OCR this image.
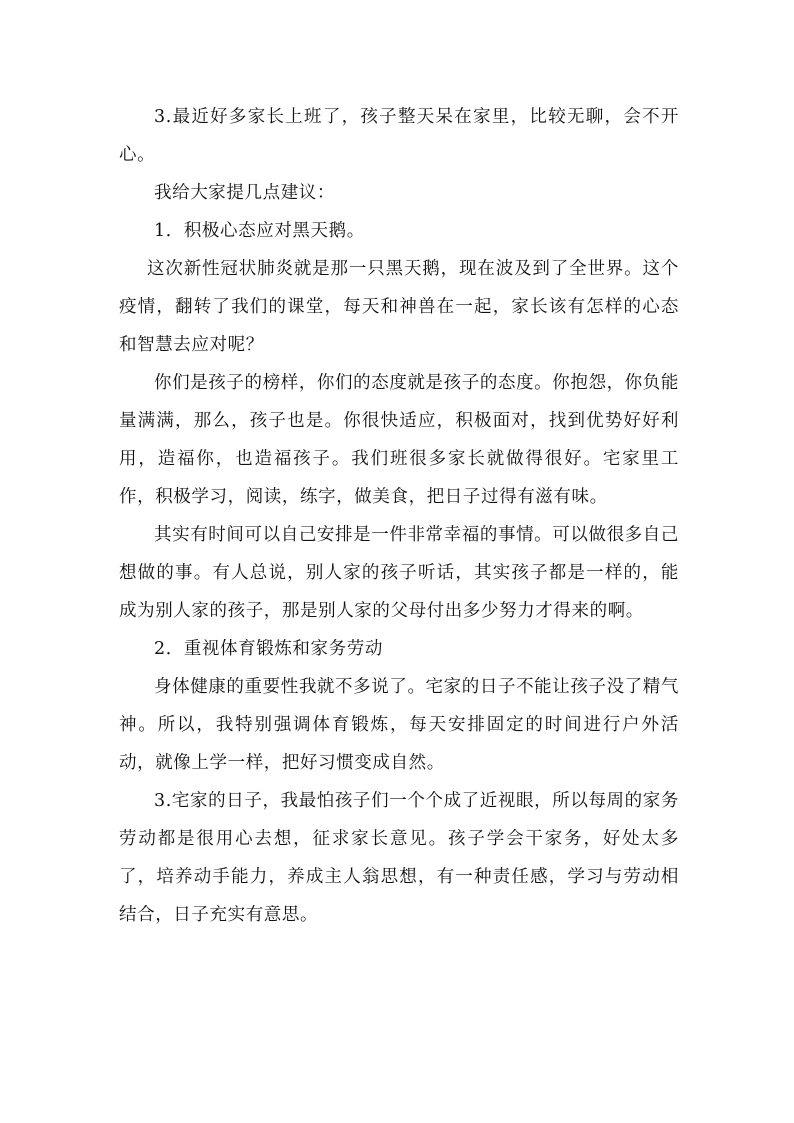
3.最近好多家长上班了，孩子整天呆在家里，比较无聊，会不开心。

我给大家提几点建议：

1．积极心态应对黑天鹅。

这次新性冠状肺炎就是那一只黑天鹅，现在波及到了全世界。这个疫情，翻转了我们的课堂，每天和神兽在一起，家长该有怎样的心态和智慧去应对呢？

你们是孩子的榜样，你们的态度就是孩子的态度。你抱怨，你负能量满满，那么，孩子也是。你很快适应，积极面对，找到优势好好利用，造福你，也造福孩子。我们班很多家长就做得很好。宅家里工作，积极学习，阅读，练字，做美食，把日子过得有滋有味。

其实有时间可以自己安排是一件非常幸福的事情。可以做很多自己想做的事。有人总说，别人家的孩子听话，其实孩子都是一样的，能成为别人家的孩子，那是别人家的父母付出多少努力才得来的啊。

2．重视体育锻炼和家务劳动

身体健康的重要性我就不多说了。宅家的日子不能让孩子没了精气神。所以，我特别强调体育锻炼，每天安排固定的时间进行户外活动，就像上学一样，把好习惯变成自然。

3.宅家的日子，我最怕孩子们一个个成了近视眼，所以每周的家务劳动都是很用心去想，征求家长意见。孩子学会干家务，好处太多了，培养动手能力，养成主人翁思想，有一种责任感，学习与劳动相结合，日子充实有意思。
